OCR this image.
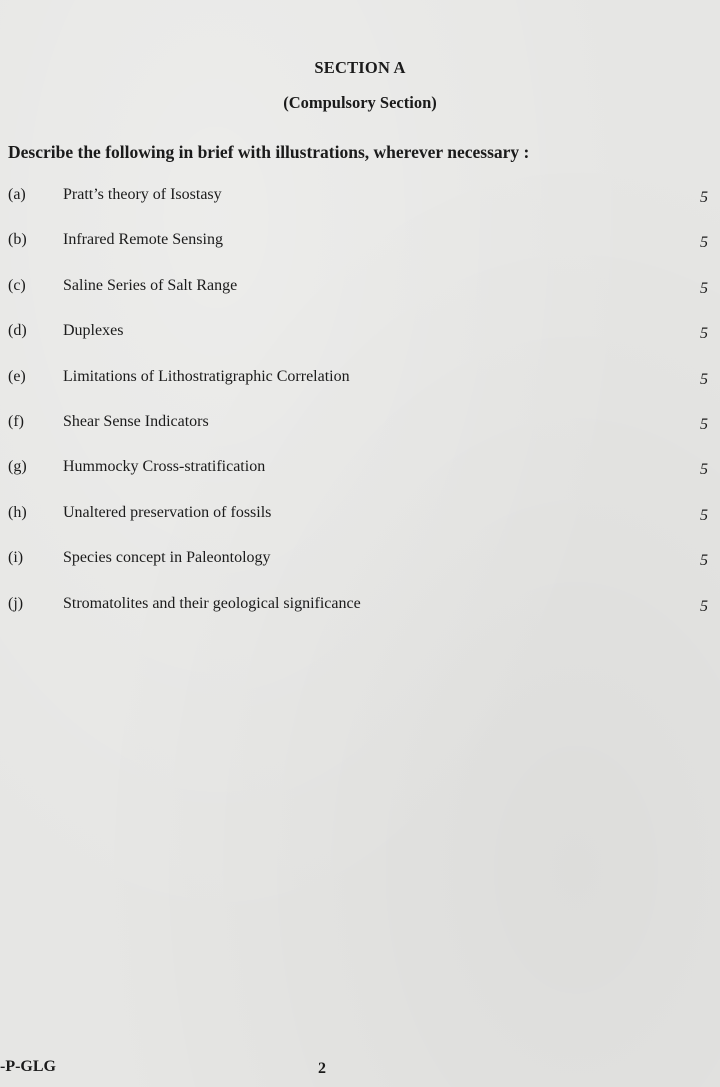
SECTION A
(Compulsory Section)
Describe the following in brief with illustrations, wherever necessary :
(a)	Pratt’s theory of Isostasy	5
(b)	Infrared Remote Sensing	5
(c)	Saline Series of Salt Range	5
(d)	Duplexes	5
(e)	Limitations of Lithostratigraphic Correlation	5
(f)	Shear Sense Indicators	5
(g)	Hummocky Cross-stratification	5
(h)	Unaltered preservation of fossils	5
(i)	Species concept in Paleontology	5
(j)	Stromatolites and their geological significance	5
-P-GLG	2
